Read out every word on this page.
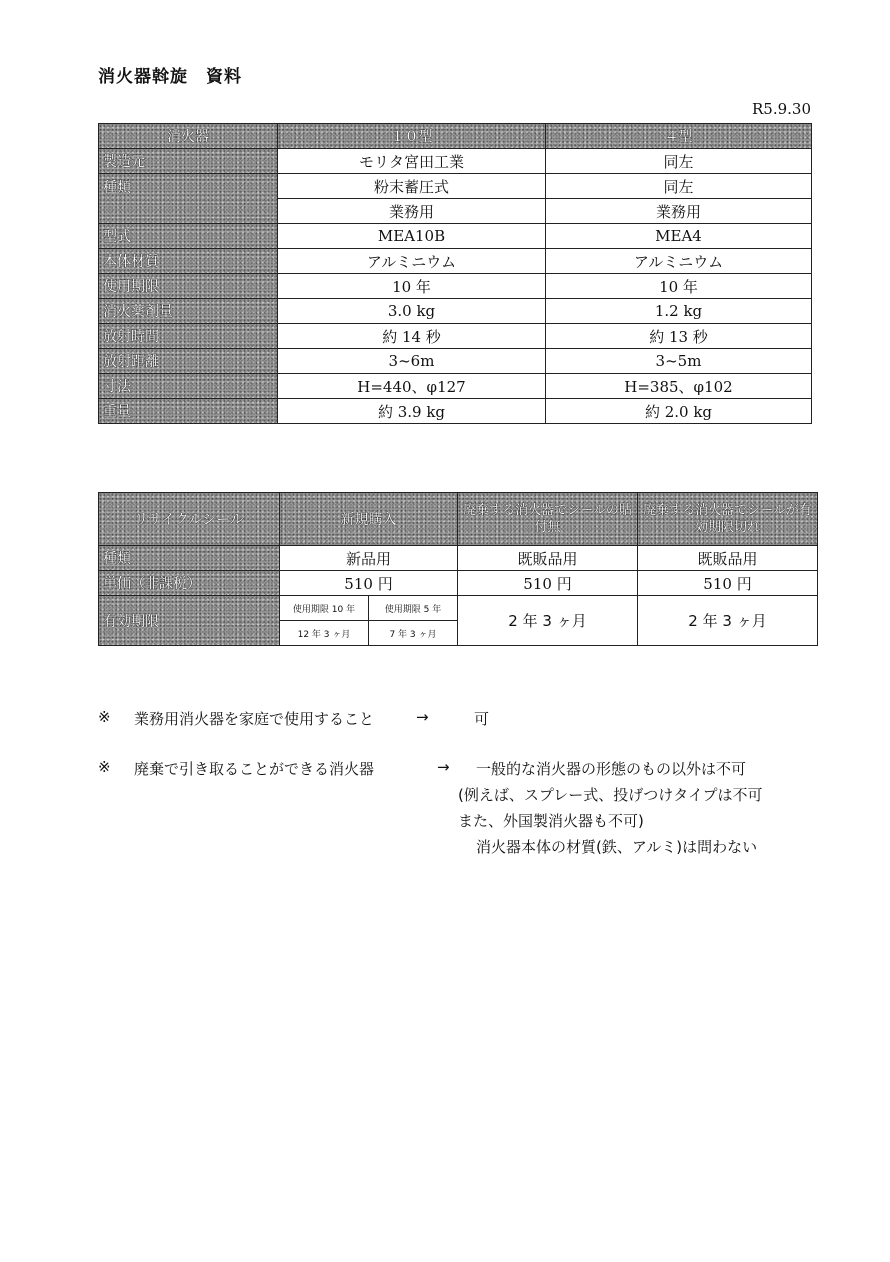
消火器斡旋　資料
R5.9.30
消火器	１０型	４型
製造元	モリタ宮田工業	同左
種類	粉末蓄圧式	同左
	業務用	業務用
型式	MEA10B	MEA4
本体材質	アルミニウム	アルミニウム
使用期限	10 年	10 年
消火薬剤量	3.0 kg	1.2 kg
放射時間	約 14 秒	約 13 秒
放射距離	3~6m	3~5m
寸法	H=440、φ127	H=385、φ102
重量	約 3.9 kg	約 2.0 kg
リサイクルシール	新規購入		廃棄する消火器でシールの貼付無	廃棄する消火器でシールが有効期限切れ
種類	新品用		既販品用	既販品用
単価（非課税）	510 円		510 円	510 円
有効期限	使用期限 10 年	使用期限 5 年	2 年 3 ヶ月	2 年 3 ヶ月
	12 年 3 ヶ月	7 年 3 ヶ月		
※ 業務用消火器を家庭で使用すること	→	可
※ 廃棄で引き取ることができる消火器	→ 一般的な消火器の形態のもの以外は不可
(例えば、スプレー式、投げつけタイプは不可
また、外国製消火器も不可)
消火器本体の材質(鉄、アルミ)は問わない
